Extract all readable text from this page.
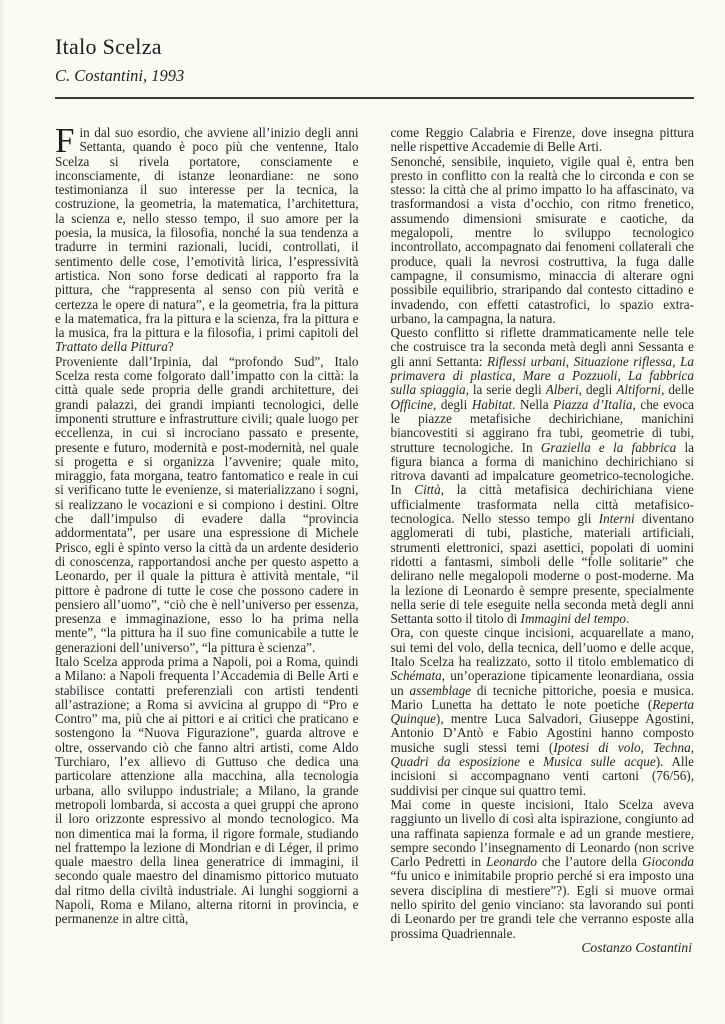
Italo Scelza

C. Costantini, 1993

Fin dal suo esordio, che avviene all’inizio degli anni Settanta, quando è poco più che ventenne, Italo Scelza si rivela portatore, consciamente e inconsciamente, di istanze leonardiane: ne sono testimonianza il suo interesse per la tecnica, la costruzione, la geometria, la matematica, l’architettura, la scienza e, nello stesso tempo, il suo amore per la poesia, la musica, la filosofia, nonché la sua tendenza a tradurre in termini razionali, lucidi, controllati, il sentimento delle cose, l’emotività lirica, l’espressività artistica. Non sono forse dedicati al rapporto fra la pittura, che “rappresenta al senso con più verità e certezza le opere di natura”, e la geometria, fra la pittura e la matematica, fra la pittura e la scienza, fra la pittura e la musica, fra la pittura e la filosofia, i primi capitoli del Trattato della Pittura?

Proveniente dall’Irpinia, dal “profondo Sud”, Italo Scelza resta come folgorato dall’impatto con la città: la città quale sede propria delle grandi architetture, dei grandi palazzi, dei grandi impianti tecnologici, delle imponenti strutture e infrastrutture civili; quale luogo per eccellenza, in cui si incrociano passato e presente, presente e futuro, modernità e post-modernità, nel quale si progetta e si organizza l’avvenire; quale mito, miraggio, fata morgana, teatro fantomatico e reale in cui si verificano tutte le evenienze, si materializzano i sogni, si realizzano le vocazioni e si compiono i destini. Oltre che dall’impulso di evadere dalla “provincia addormentata”, per usare una espressione di Michele Prisco, egli è spinto verso la città da un ardente desiderio di conoscenza, rapportandosi anche per questo aspetto a Leonardo, per il quale la pittura è attività mentale, “il pittore è padrone di tutte le cose che possono cadere in pensiero all’uomo”, “ciò che è nell’universo per essenza, presenza e immaginazione, esso lo ha prima nella mente”, “la pittura ha il suo fine comunicabile a tutte le generazioni dell’universo”, “la pittura è scienza”.

Italo Scelza approda prima a Napoli, poi a Roma, quindi a Milano: a Napoli frequenta l’Accademia di Belle Arti e stabilisce contatti preferenziali con artisti tendenti all’astrazione; a Roma si avvicina al gruppo di “Pro e Contro” ma, più che ai pittori e ai critici che praticano e sostengono la “Nuova Figurazione”, guarda altrove e oltre, osservando ciò che fanno altri artisti, come Aldo Turchiaro, l’ex allievo di Guttuso che dedica una particolare attenzione alla macchina, alla tecnologia urbana, allo sviluppo industriale; a Milano, la grande metropoli lombarda, si accosta a quei gruppi che aprono il loro orizzonte espressivo al mondo tecnologico. Ma non dimentica mai la forma, il rigore formale, studiando nel frattempo la lezione di Mondrian e di Léger, il primo quale maestro della linea generatrice di immagini, il secondo quale maestro del dinamismo pittorico mutuato dal ritmo della civiltà industriale. Ai lunghi soggiorni a Napoli, Roma e Milano, alterna ritorni in provincia, e permanenze in altre città,

come Reggio Calabria e Firenze, dove insegna pittura nelle rispettive Accademie di Belle Arti.

Senonché, sensibile, inquieto, vigile qual è, entra ben presto in conflitto con la realtà che lo circonda e con se stesso: la città che al primo impatto lo ha affascinato, va trasformandosi a vista d’occhio, con ritmo frenetico, assumendo dimensioni smisurate e caotiche, da megalopoli, mentre lo sviluppo tecnologico incontrollato, accompagnato dai fenomeni collaterali che produce, quali la nevrosi costruttiva, la fuga dalle campagne, il consumismo, minaccia di alterare ogni possibile equilibrio, straripando dal contesto cittadino e invadendo, con effetti catastrofici, lo spazio extra-urbano, la campagna, la natura.

Questo conflitto si riflette drammaticamente nelle tele che costruisce tra la seconda metà degli anni Sessanta e gli anni Settanta: Riflessi urbani, Situazione riflessa, La primavera di plastica, Mare a Pozzuoli, La fabbrica sulla spiaggia, la serie degli Alberi, degli Altiforni, delle Officine, degli Habitat. Nella Piazza d’Italia, che evoca le piazze metafisiche dechirichiane, manichini biancovestiti si aggirano fra tubi, geometrie di tubi, strutture tecnologiche. In Graziella e la fabbrica la figura bianca a forma di manichino dechirichiano si ritrova davanti ad impalcature geometrico-tecnologiche. In Città, la città metafisica dechirichiana viene ufficialmente trasformata nella città metafisico-tecnologica. Nello stesso tempo gli Interni diventano agglomerati di tubi, plastiche, materiali artificiali, strumenti elettronici, spazi asettici, popolati di uomini ridotti a fantasmi, simboli delle “folle solitarie” che delirano nelle megalopoli moderne o post-moderne. Ma la lezione di Leonardo è sempre presente, specialmente nella serie di tele eseguite nella seconda metà degli anni Settanta sotto il titolo di Immagini del tempo.

Ora, con queste cinque incisioni, acquarellate a mano, sui temi del volo, della tecnica, dell’uomo e delle acque, Italo Scelza ha realizzato, sotto il titolo emblematico di Schémata, un’operazione tipicamente leonardiana, ossia un assemblage di tecniche pittoriche, poesia e musica. Mario Lunetta ha dettato le note poetiche (Reperta Quinque), mentre Luca Salvadori, Giuseppe Agostini, Antonio D’Antò e Fabio Agostini hanno composto musiche sugli stessi temi (Ipotesi di volo, Techna, Quadri da esposizione e Musica sulle acque). Alle incisioni si accompagnano venti cartoni (76/56), suddivisi per cinque sui quattro temi.

Mai come in queste incisioni, Italo Scelza aveva raggiunto un livello di così alta ispirazione, congiunto ad una raffinata sapienza formale e ad un grande mestiere, sempre secondo l’insegnamento di Leonardo (non scrive Carlo Pedretti in Leonardo che l’autore della Gioconda “fu unico e inimitabile proprio perché si era imposto una severa disciplina di mestiere”?). Egli si muove ormai nello spirito del genio vinciano: sta lavorando sui ponti di Leonardo per tre grandi tele che verranno esposte alla prossima Quadriennale.

Costanzo Costantini
